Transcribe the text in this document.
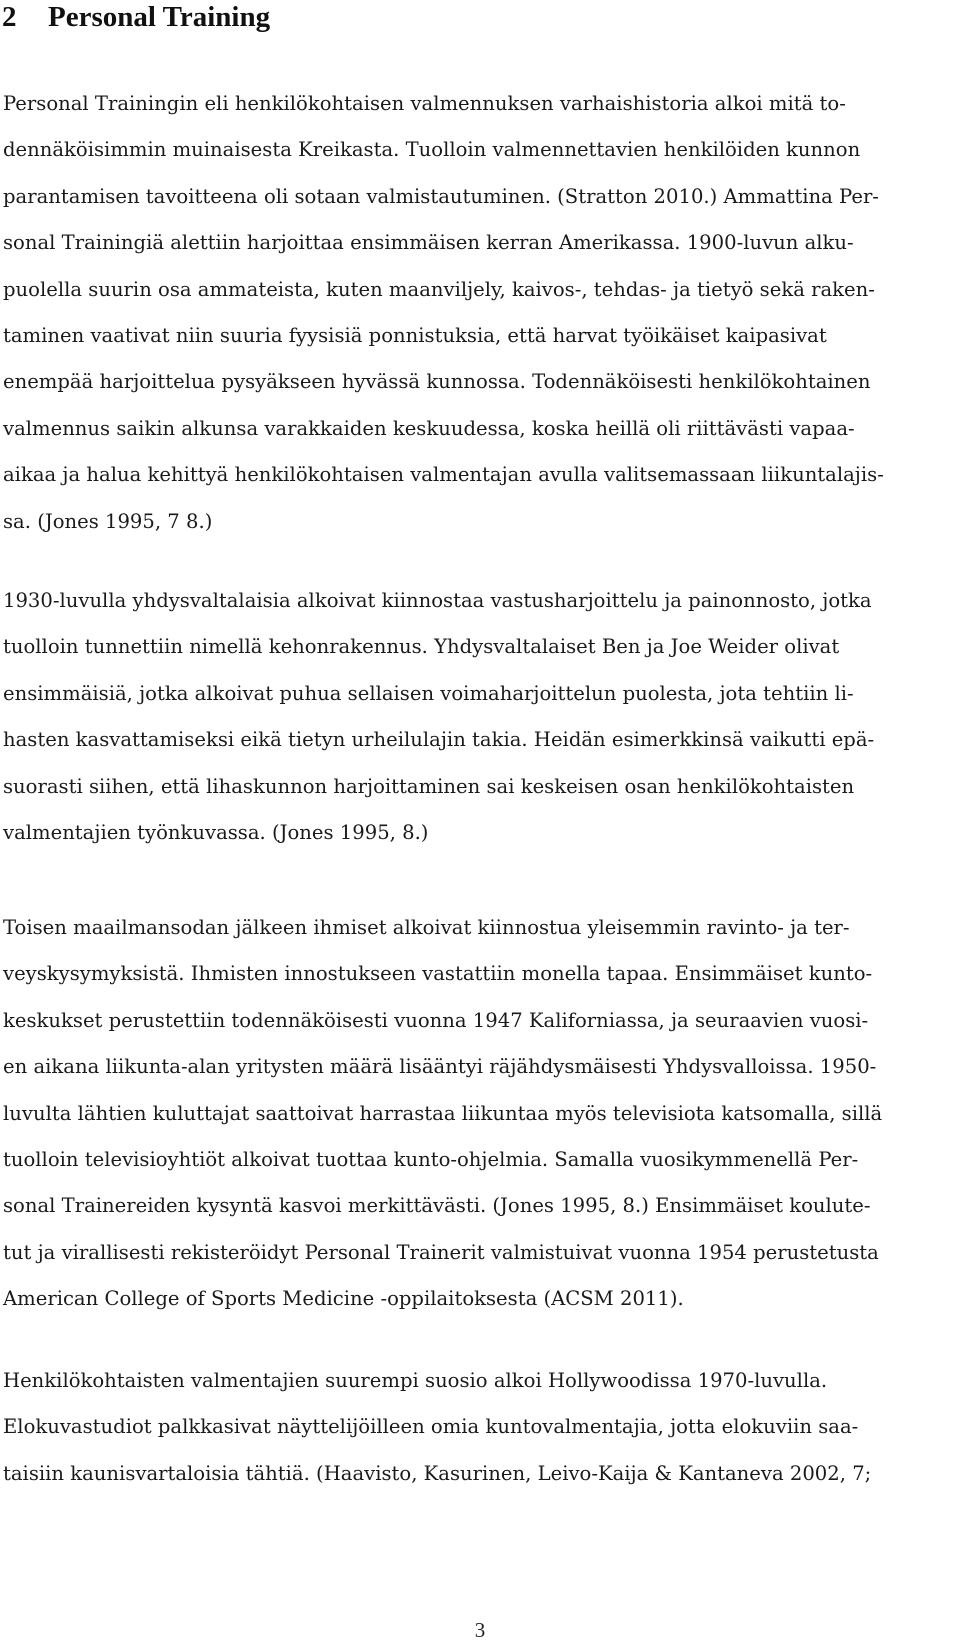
2 Personal Training

Personal Trainingin eli henkilökohtaisen valmennuksen varhaishistoria alkoi mitä to-
dennäköisimmin muinaisesta Kreikasta. Tuolloin valmennettavien henkilöiden kunnon
parantamisen tavoitteena oli sotaan valmistautuminen. (Stratton 2010.) Ammattina Per-
sonal Trainingiä alettiin harjoittaa ensimmäisen kerran Amerikassa. 1900-luvun alku-
puolella suurin osa ammateista, kuten maanviljely, kaivos-, tehdas- ja tietyö sekä raken-
taminen vaativat niin suuria fyysisiä ponnistuksia, että harvat työikäiset kaipasivat
enempää harjoittelua pysyäkseen hyvässä kunnossa. Todennäköisesti henkilökohtainen
valmennus saikin alkunsa varakkaiden keskuudessa, koska heillä oli riittävästi vapaa-
aikaa ja halua kehittyä henkilökohtaisen valmentajan avulla valitsemassaan liikuntalajis-
sa. (Jones 1995, 7 8.)

1930-luvulla yhdysvaltalaisia alkoivat kiinnostaa vastusharjoittelu ja painonnosto, jotka
tuolloin tunnettiin nimellä kehonrakennus. Yhdysvaltalaiset Ben ja Joe Weider olivat
ensimmäisiä, jotka alkoivat puhua sellaisen voimaharjoittelun puolesta, jota tehtiin li-
hasten kasvattamiseksi eikä tietyn urheilulajin takia. Heidän esimerkkinsä vaikutti epä-
suorasti siihen, että lihaskunnon harjoittaminen sai keskeisen osan henkilökohtaisten
valmentajien työnkuvassa. (Jones 1995, 8.)

Toisen maailmansodan jälkeen ihmiset alkoivat kiinnostua yleisemmin ravinto- ja ter-
veyskysymyksistä. Ihmisten innostukseen vastattiin monella tapaa. Ensimmäiset kunto-
keskukset perustettiin todennäköisesti vuonna 1947 Kaliforniassa, ja seuraavien vuosi-
en aikana liikunta-alan yritysten määrä lisääntyi räjähdysmäisesti Yhdysvalloissa. 1950-
luvulta lähtien kuluttajat saattoivat harrastaa liikuntaa myös televisiota katsomalla, sillä
tuolloin televisioyhtiöt alkoivat tuottaa kunto-ohjelmia. Samalla vuosikymmenellä Per-
sonal Trainereiden kysyntä kasvoi merkittävästi. (Jones 1995, 8.) Ensimmäiset koulute-
tut ja virallisesti rekisteröidyt Personal Trainerit valmistuivat vuonna 1954 perustetusta
American College of Sports Medicine -oppilaitoksesta (ACSM 2011).

Henkilökohtaisten valmentajien suurempi suosio alkoi Hollywoodissa 1970-luvulla.
Elokuvastudiot palkkasivat näyttelijöilleen omia kuntovalmentajia, jotta elokuviin saa-
taisiin kaunisvartaloisia tähtiä. (Haavisto, Kasurinen, Leivo-Kaija & Kantaneva 2002, 7;

3
